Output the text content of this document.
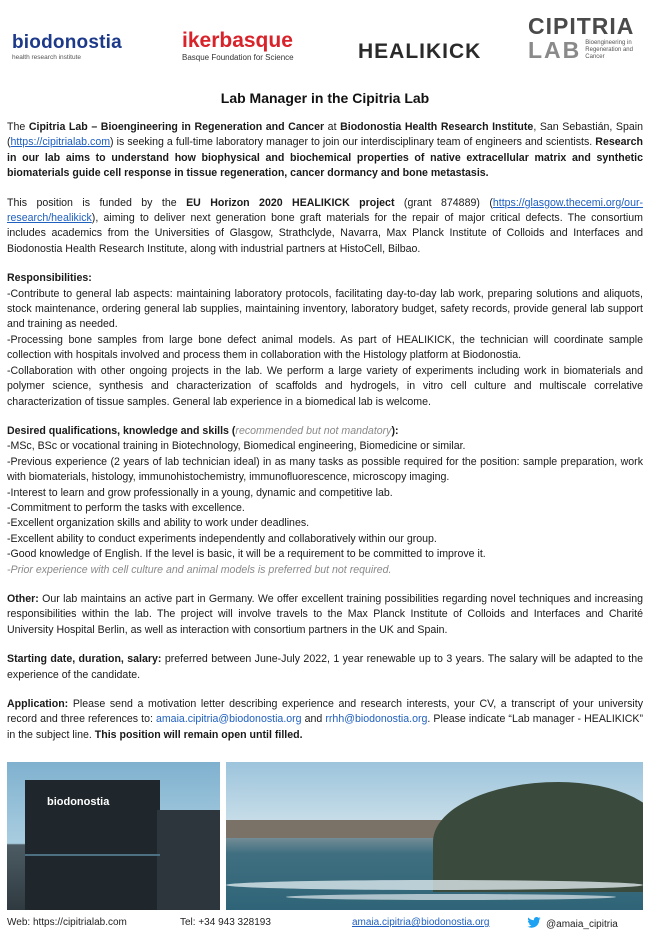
biodonostia
health research institute
ikerbasque
Basque Foundation for Science	HEALIKICK
CIPITRIA
LAB Bioengineering in Regeneration and Cancer
Lab Manager in the Cipitria Lab

The Cipitria Lab – Bioengineering in Regeneration and Cancer at Biodonostia Health Research Institute, San Sebastián, Spain (https://cipitrialab.com) is seeking a full-time laboratory manager to join our interdisciplinary team of engineers and scientists. Research in our lab aims to understand how biophysical and biochemical properties of native extracellular matrix and synthetic biomaterials guide cell response in tissue regeneration, cancer dormancy and bone metastasis.

This position is funded by the EU Horizon 2020 HEALIKICK project (grant 874889) (https://glasgow.thecemi.org/our-research/healikick), aiming to deliver next generation bone graft materials for the repair of major critical defects. The consortium includes academics from the Universities of Glasgow, Strathclyde, Navarra, Max Planck Institute of Colloids and Interfaces and Biodonostia Health Research Institute, along with industrial partners at HistoCell, Bilbao.

Responsibilities:
-Contribute to general lab aspects: maintaining laboratory protocols, facilitating day-to-day lab work, preparing solutions and aliquots, stock maintenance, ordering general lab supplies, maintaining inventory, laboratory budget, safety records, provide general lab support and training as needed.
-Processing bone samples from large bone defect animal models. As part of HEALIKICK, the technician will coordinate sample collection with hospitals involved and process them in collaboration with the Histology platform at Biodonostia.
-Collaboration with other ongoing projects in the lab. We perform a large variety of experiments including work in biomaterials and polymer science, synthesis and characterization of scaffolds and hydrogels, in vitro cell culture and multiscale correlative characterization of tissue samples. General lab experience in a biomedical lab is welcome.
Desired qualifications, knowledge and skills (recommended but not mandatory):
-MSc, BSc or vocational training in Biotechnology, Biomedical engineering, Biomedicine or similar.
-Previous experience (2 years of lab technician ideal) in as many tasks as possible required for the position: sample preparation, work with biomaterials, histology, immunohistochemistry, immunofluorescence, microscopy imaging.
-Interest to learn and grow professionally in a young, dynamic and competitive lab.
-Commitment to perform the tasks with excellence.
-Excellent organization skills and ability to work under deadlines.
-Excellent ability to conduct experiments independently and collaboratively within our group.
-Good knowledge of English. If the level is basic, it will be a requirement to be committed to improve it.
-Prior experience with cell culture and animal models is preferred but not required.

Other: Our lab maintains an active part in Germany. We offer excellent training possibilities regarding novel techniques and increasing responsibilities within the lab. The project will involve travels to the Max Planck Institute of Colloids and Interfaces and Charité University Hospital Berlin, as well as interaction with consortium partners in the UK and Spain.

Starting date, duration, salary: preferred between June-July 2022, 1 year renewable up to 3 years. The salary will be adapted to the experience of the candidate.

Application: Please send a motivation letter describing experience and research interests, your CV, a transcript of your university record and three references to: amaia.cipitria@biodonostia.org and rrhh@biodonostia.org. Please indicate “Lab manager - HEALIKICK” in the subject line. This position will remain open until filled.

biodonostia
Web: https://cipitrialab.com	Tel: +34 943 328193	amaia.cipitria@biodonostia.org	@amaia_cipitria
